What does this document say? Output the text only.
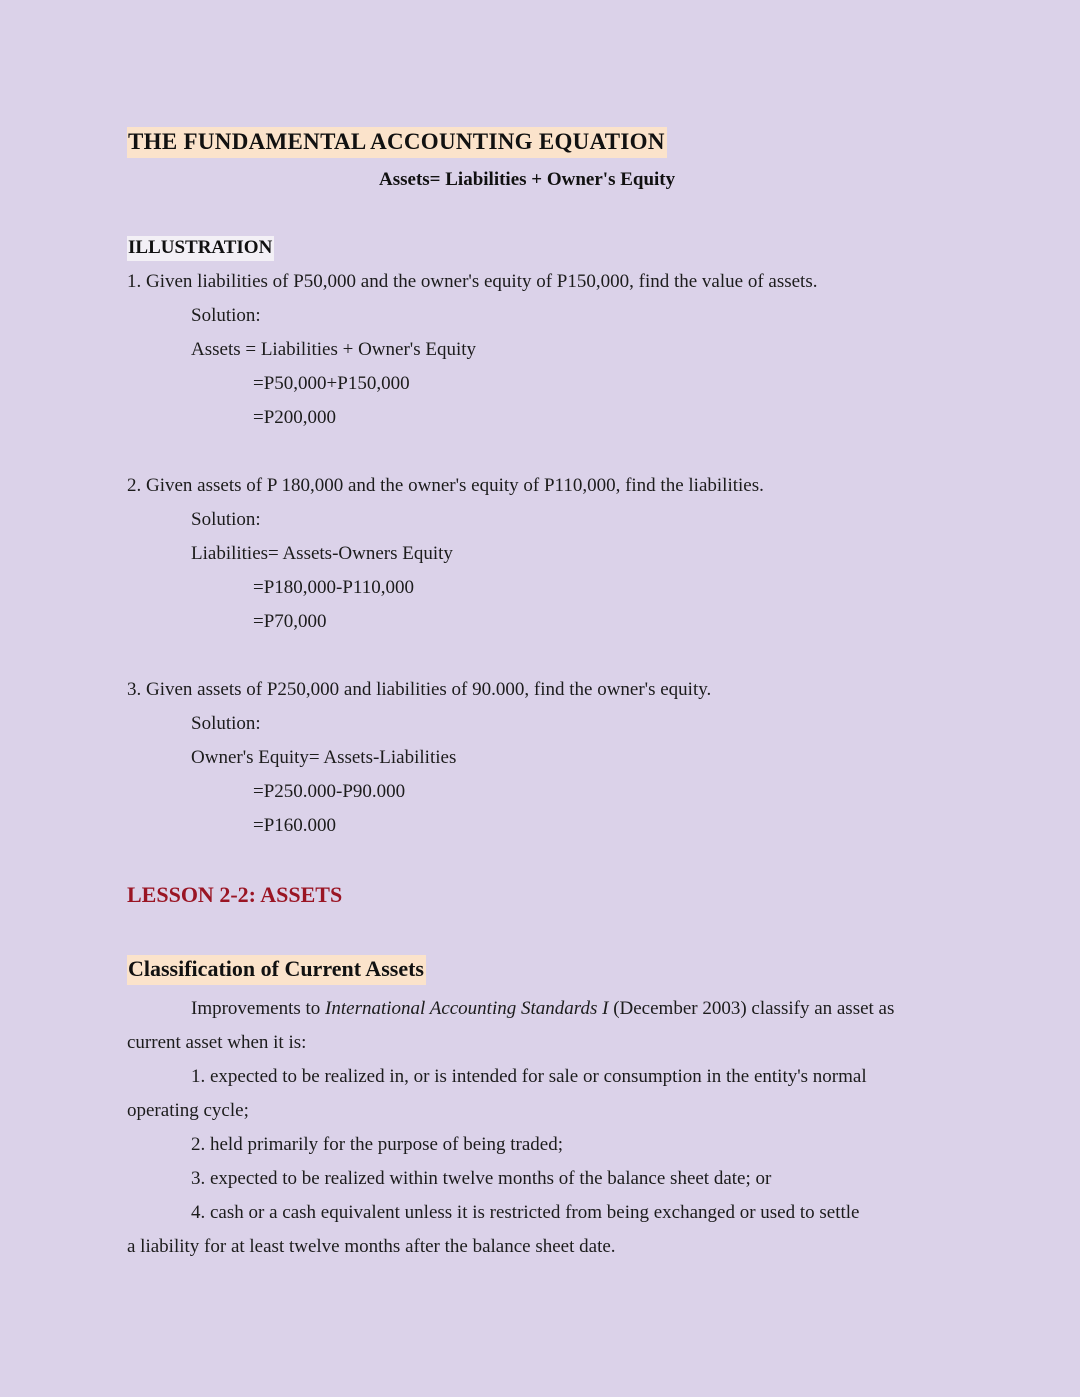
THE FUNDAMENTAL ACCOUNTING EQUATION
Assets= Liabilities + Owner's Equity
ILLUSTRATION
1. Given liabilities of P50,000 and the owner's equity of P150,000, find the value of assets.
Solution:
Assets = Liabilities + Owner's Equity
=P50,000+P150,000
=P200,000
2. Given assets of P 180,000 and the owner's equity of P110,000, find the liabilities.
Solution:
Liabilities= Assets-Owners Equity
=P180,000-P110,000
=P70,000
3. Given assets of P250,000 and liabilities of 90.000, find the owner's equity.
Solution:
Owner's Equity= Assets-Liabilities
=P250.000-P90.000
=P160.000
LESSON 2-2: ASSETS
Classification of Current Assets
Improvements to International Accounting Standards I (December 2003) classify an asset as
current asset when it is:
1. expected to be realized in, or is intended for sale or consumption in the entity's normal
operating cycle;
2. held primarily for the purpose of being traded;
3. expected to be realized within twelve months of the balance sheet date; or
4. cash or a cash equivalent unless it is restricted from being exchanged or used to settle
a liability for at least twelve months after the balance sheet date.
